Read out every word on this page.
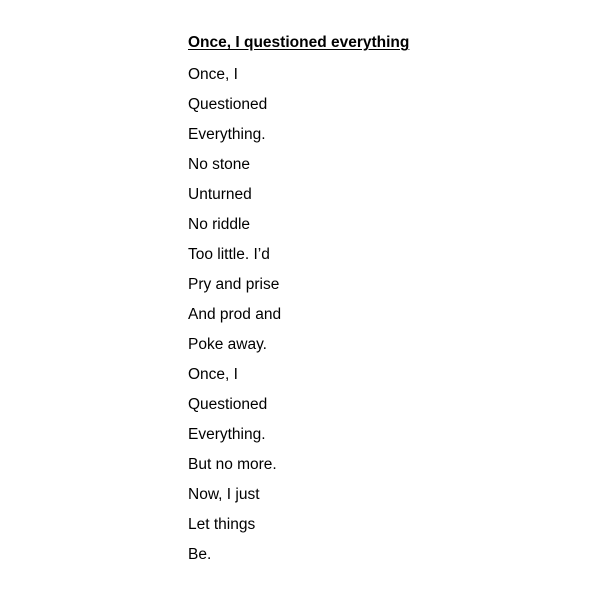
Once, I questioned everything
Once, I
Questioned
Everything.
No stone
Unturned
No riddle
Too little. I’d
Pry and prise
And prod and
Poke away.
Once, I
Questioned
Everything.
But no more.
Now, I just
Let things
Be.
